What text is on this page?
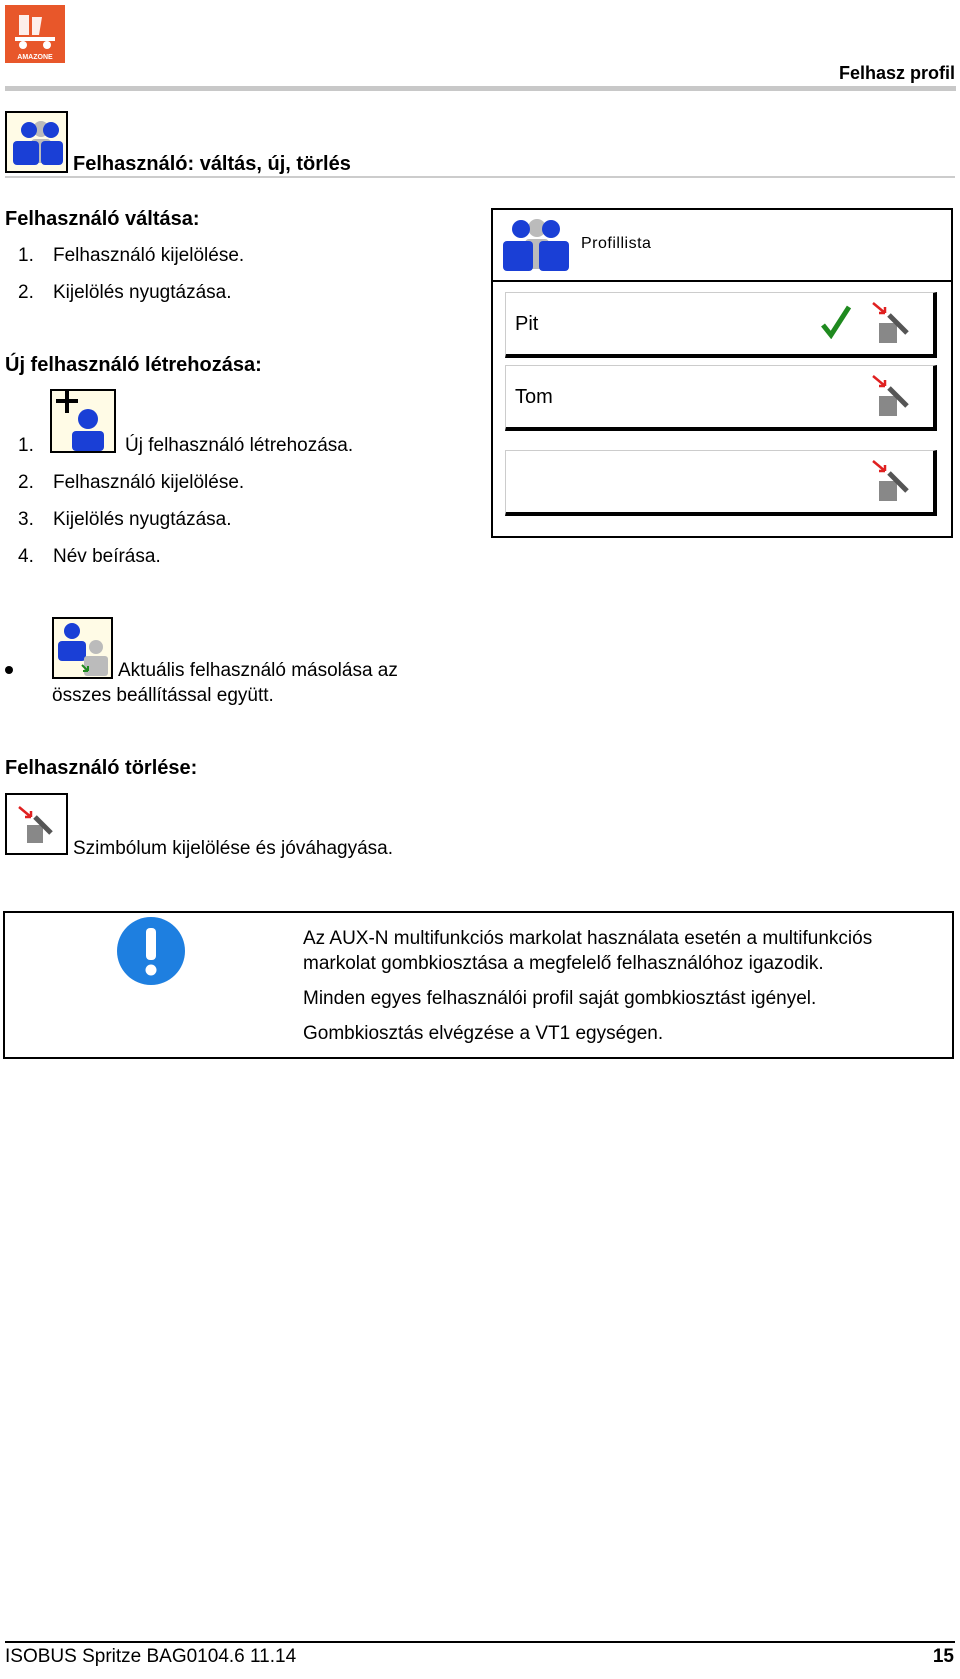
AMAZONE
Felhasz profil
Felhasználó: váltás, új, törlés
Felhasználó váltása:
1. Felhasználó kijelölése.
2. Kijelölés nyugtázása.
Új felhasználó létrehozása:
1.	Új felhasználó létrehozása.
2. Felhasználó kijelölése.
3. Kijelölés nyugtázása.
4. Név beírása.
Profillista
Pit
Tom
Aktuális felhasználó másolása az
összes beállítással együtt.
Felhasználó törlése:
Szimbólum kijelölése és jóváhagyása.

Az AUX-N multifunkciós markolat használata esetén a multifunkciós markolat gombkiosztása a megfelelő felhasználóhoz igazodik.

Minden egyes felhasználói profil saját gombkiosztást igényel.

Gombkiosztás elvégzése a VT1 egységen.

ISOBUS Spritze BAG0104.6 11.14	15
